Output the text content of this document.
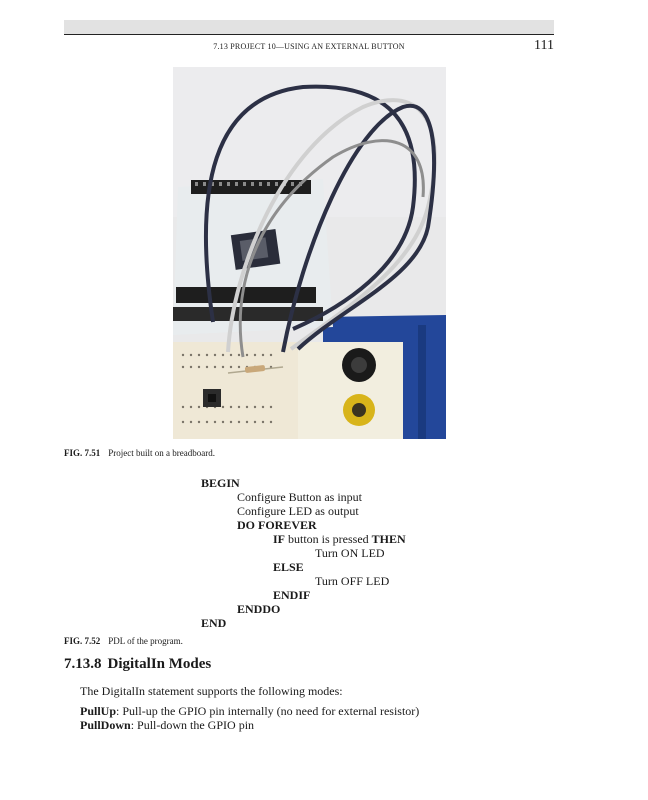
7.13 PROJECT 10—USING AN EXTERNAL BUTTON	111
FIG. 7.51 Project built on a breadboard.
BEGIN
Configure Button as input
Configure LED as output
DO FOREVER
IF button is pressed THEN
Turn ON LED
ELSE
Turn OFF LED
ENDIF
ENDDO
END
FIG. 7.52 PDL of the program.
7.13.8 DigitalIn Modes
The DigitalIn statement supports the following modes:
PullUp: Pull-up the GPIO pin internally (no need for external resistor)
PullDown: Pull-down the GPIO pin
